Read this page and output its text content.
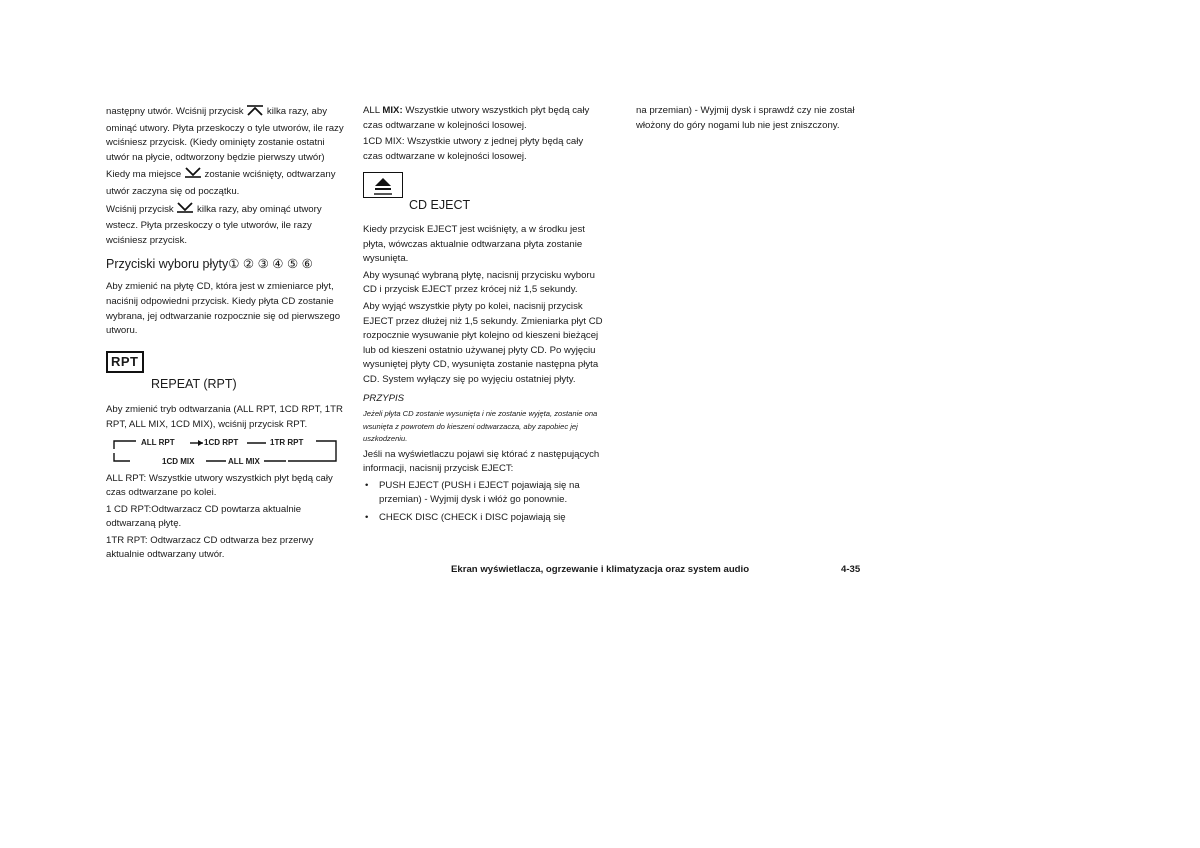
następny utwór. Wciśnij przycisk kilka razy, aby ominąć utwory. Płyta przeskoczy o tyle utworów, ile razy wciśniesz przycisk. (Kiedy ominięty zostanie ostatni utwór na płycie, odtworzony będzie pierwszy utwór)

Kiedy ma miejsce zostanie wciśnięty, odtwarzany utwór zaczyna się od początku.

Wciśnij przycisk kilka razy, aby ominąć utwory wstecz. Płyta przeskoczy o tyle utworów, ile razy wciśniesz przycisk.

Przyciski wyboru płyty① ② ③ ④ ⑤ ⑥

Aby zmienić na płytę CD, która jest w zmieniarce płyt, naciśnij odpowiedni przycisk. Kiedy płyta CD zostanie wybrana, jej odtwarzanie rozpocznie się od pierwszego utworu.

RPT
REPEAT (RPT)

Aby zmienić tryb odtwarzania (ALL RPT, 1CD RPT, 1TR RPT, ALL MIX, 1CD MIX), wciśnij przycisk RPT.

ALL RPT	1CD RPT	1TR RPT
1CD MIX	ALL MIX

ALL RPT: Wszystkie utwory wszystkich płyt będą cały czas odtwarzane po kolei.

1 CD RPT:Odtwarzacz CD powtarza aktualnie odtwarzaną płytę.

1TR RPT: Odtwarzacz CD odtwarza bez przerwy aktualnie odtwarzany utwór.

ALL MIX: Wszystkie utwory wszystkich płyt będą cały czas odtwarzane w kolejności losowej.

1CD MIX: Wszystkie utwory z jednej płyty będą cały czas odtwarzane w kolejności losowej.

CD EJECT

Kiedy przycisk EJECT jest wciśnięty, a w środku jest płyta, wówczas aktualnie odtwarzana płyta zostanie wysunięta.

Aby wysunąć wybraną płytę, nacisnij przycisku wyboru CD i przycisk EJECT przez krócej niż 1,5 sekundy.

Aby wyjąć wszystkie płyty po kolei, nacisnij przycisk EJECT przez dłużej niż 1,5 sekundy. Zmieniarka płyt CD rozpocznie wysuwanie płyt kolejno od kieszeni bieżącej lub od kieszeni ostatnio używanej płyty CD. Po wyjęciu wysuniętej płyty CD, wysunięta zostanie następna płyta CD. System wyłączy się po wyjęciu ostatniej płyty.

PRZYPIS

Jeżeli płyta CD zostanie wysunięta i nie zostanie wyjęta, zostanie ona wsunięta z powrotem do kieszeni odtwarzacza, aby zapobiec jej uszkodzeniu.

Jeśli na wyświetlaczu pojawi się którać z następujących informacji, nacisnij przycisk EJECT:

• PUSH EJECT (PUSH i EJECT pojawiają się na przemian) - Wyjmij dysk i włóż go ponownie.
• CHECK DISC (CHECK i DISC pojawiają się

na przemian) - Wyjmij dysk i sprawdź czy nie został włożony do góry nogami lub nie jest zniszczony.

Ekran wyświetlacza, ogrzewanie i klimatyzacja oraz system audio	4-35
